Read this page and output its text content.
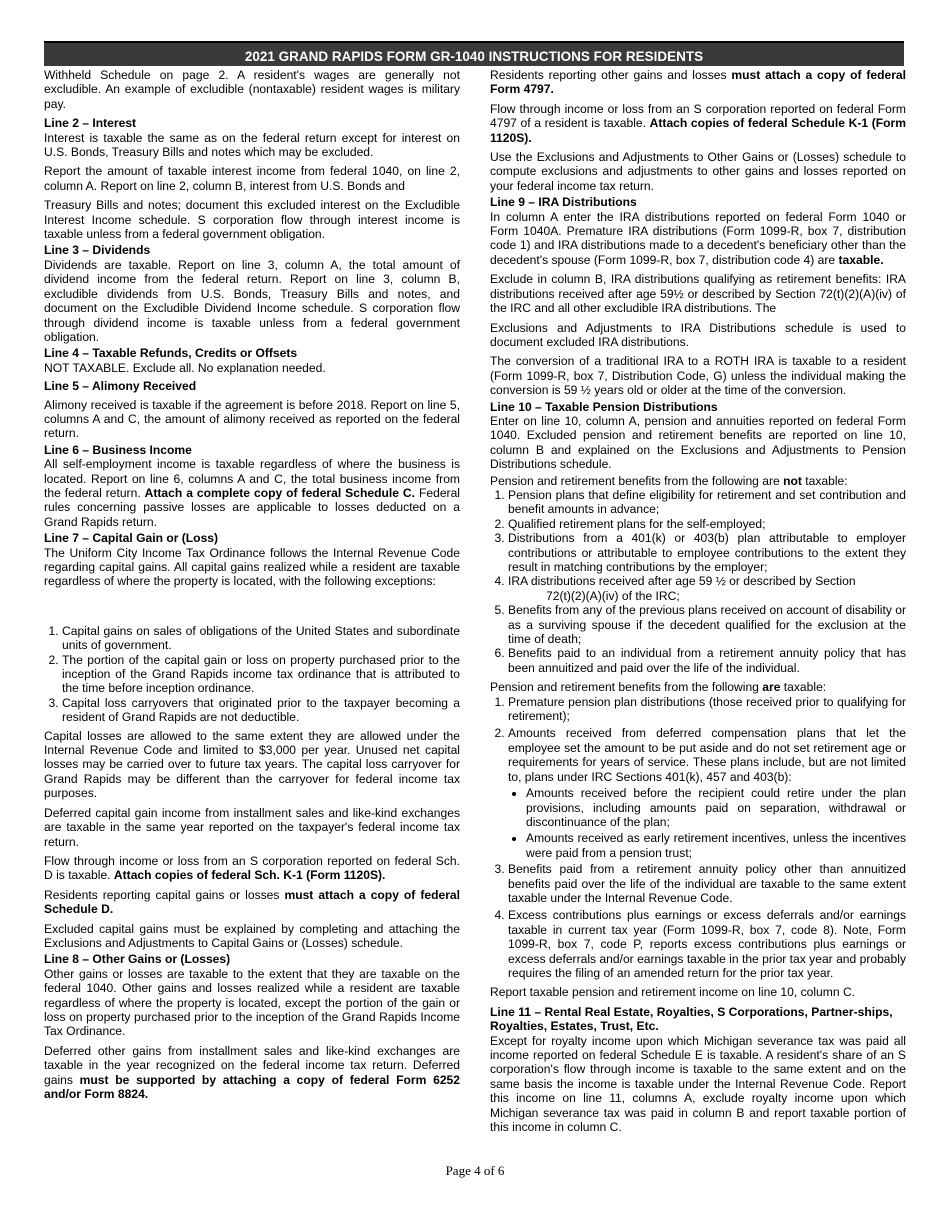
2021 GRAND RAPIDS FORM GR-1040 INSTRUCTIONS FOR RESIDENTS

Withheld Schedule on page 2. A resident's wages are generally not excludible. An example of excludible (nontaxable) resident wages is military pay.

Line 2 – Interest

Interest is taxable the same as on the federal return except for interest on U.S. Bonds, Treasury Bills and notes which may be excluded.

Report the amount of taxable interest income from federal 1040, on line 2, column A. Report on line 2, column B, interest from U.S. Bonds and

Treasury Bills and notes; document this excluded interest on the Excludible Interest Income schedule. S corporation flow through interest income is taxable unless from a federal government obligation.

Line 3 – Dividends

Dividends are taxable. Report on line 3, column A, the total amount of dividend income from the federal return. Report on line 3, column B, excludible dividends from U.S. Bonds, Treasury Bills and notes, and document on the Excludible Dividend Income schedule. S corporation flow through dividend income is taxable unless from a federal government obligation.

Line 4 – Taxable Refunds, Credits or Offsets

NOT TAXABLE. Exclude all. No explanation needed.

Line 5 – Alimony Received

Alimony received is taxable if the agreement is before 2018. Report on line 5, columns A and C, the amount of alimony received as reported on the federal return.

Line 6 – Business Income

All self-employment income is taxable regardless of where the business is located. Report on line 6, columns A and C, the total business income from the federal return. Attach a complete copy of federal Schedule C. Federal rules concerning passive losses are applicable to losses deducted on a Grand Rapids return.

Line 7 – Capital Gain or (Loss)

The Uniform City Income Tax Ordinance follows the Internal Revenue Code regarding capital gains. All capital gains realized while a resident are taxable regardless of where the property is located, with the following exceptions:

1. Capital gains on sales of obligations of the United States and subordinate units of government.
2. The portion of the capital gain or loss on property purchased prior to the inception of the Grand Rapids income tax ordinance that is attributed to the time before inception ordinance.
3. Capital loss carryovers that originated prior to the taxpayer becoming a resident of Grand Rapids are not deductible.

Capital losses are allowed to the same extent they are allowed under the Internal Revenue Code and limited to $3,000 per year. Unused net capital losses may be carried over to future tax years. The capital loss carryover for Grand Rapids may be different than the carryover for federal income tax purposes.

Deferred capital gain income from installment sales and like-kind exchanges are taxable in the same year reported on the taxpayer's federal income tax return.

Flow through income or loss from an S corporation reported on federal Sch. D is taxable. Attach copies of federal Sch. K-1 (Form 1120S).

Residents reporting capital gains or losses must attach a copy of federal Schedule D.

Excluded capital gains must be explained by completing and attaching the Exclusions and Adjustments to Capital Gains or (Losses) schedule.

Line 8 – Other Gains or (Losses)

Other gains or losses are taxable to the extent that they are taxable on the federal 1040. Other gains and losses realized while a resident are taxable regardless of where the property is located, except the portion of the gain or loss on property purchased prior to the inception of the Grand Rapids Income Tax Ordinance.

Deferred other gains from installment sales and like-kind exchanges are taxable in the year recognized on the federal income tax return. Deferred gains must be supported by attaching a copy of federal Form 6252 and/or Form 8824.

Residents reporting other gains and losses must attach a copy of federal Form 4797.

Flow through income or loss from an S corporation reported on federal Form 4797 of a resident is taxable. Attach copies of federal Schedule K-1 (Form 1120S).

Use the Exclusions and Adjustments to Other Gains or (Losses) schedule to compute exclusions and adjustments to other gains and losses reported on your federal income tax return.

Line 9 – IRA Distributions

In column A enter the IRA distributions reported on federal Form 1040 or Form 1040A. Premature IRA distributions (Form 1099-R, box 7, distribution code 1) and IRA distributions made to a decedent's beneficiary other than the decedent's spouse (Form 1099-R, box 7, distribution code 4) are taxable.

Exclude in column B, IRA distributions qualifying as retirement benefits: IRA distributions received after age 59½ or described by Section 72(t)(2)(A)(iv) of the IRC and all other excludible IRA distributions. The

Exclusions and Adjustments to IRA Distributions schedule is used to document excluded IRA distributions.

The conversion of a traditional IRA to a ROTH IRA is taxable to a resident (Form 1099-R, box 7, Distribution Code, G) unless the individual making the conversion is 59 ½ years old or older at the time of the conversion.

Line 10 – Taxable Pension Distributions

Enter on line 10, column A, pension and annuities reported on federal Form 1040. Excluded pension and retirement benefits are reported on line 10, column B and explained on the Exclusions and Adjustments to Pension Distributions schedule.

Pension and retirement benefits from the following are not taxable:

1. Pension plans that define eligibility for retirement and set contribution and benefit amounts in advance;
2. Qualified retirement plans for the self-employed;
3. Distributions from a 401(k) or 403(b) plan attributable to employer contributions or attributable to employee contributions to the extent they result in matching contributions by the employer;
4. IRA distributions received after age 59 ½ or described by Section
72(t)(2)(A)(iv) of the IRC;
5. Benefits from any of the previous plans received on account of disability or as a surviving spouse if the decedent qualified for the exclusion at the time of death;
6. Benefits paid to an individual from a retirement annuity policy that has been annuitized and paid over the life of the individual.

Pension and retirement benefits from the following are taxable:

1. Premature pension plan distributions (those received prior to qualifying for retirement);
2. Amounts received from deferred compensation plans that let the employee set the amount to be put aside and do not set retirement age or requirements for years of service. These plans include, but are not limited to, plans under IRC Sections 401(k), 457 and 403(b):
• Amounts received before the recipient could retire under the plan provisions, including amounts paid on separation, withdrawal or discontinuance of the plan;
• Amounts received as early retirement incentives, unless the incentives were paid from a pension trust;
3. Benefits paid from a retirement annuity policy other than annuitized benefits paid over the life of the individual are taxable to the same extent taxable under the Internal Revenue Code.
4. Excess contributions plus earnings or excess deferrals and/or earnings taxable in current tax year (Form 1099-R, box 7, code 8). Note, Form 1099-R, box 7, code P, reports excess contributions plus earnings or excess deferrals and/or earnings taxable in the prior tax year and probably requires the filing of an amended return for the prior tax year.

Report taxable pension and retirement income on line 10, column C.

Line 11 – Rental Real Estate, Royalties, S Corporations, Partner-ships, Royalties, Estates, Trust, Etc.

Except for royalty income upon which Michigan severance tax was paid all income reported on federal Schedule E is taxable. A resident's share of an S corporation's flow through income is taxable to the same extent and on the same basis the income is taxable under the Internal Revenue Code. Report this income on line 11, columns A, exclude royalty income upon which Michigan severance tax was paid in column B and report taxable portion of this income in column C.

Page 4 of 6
